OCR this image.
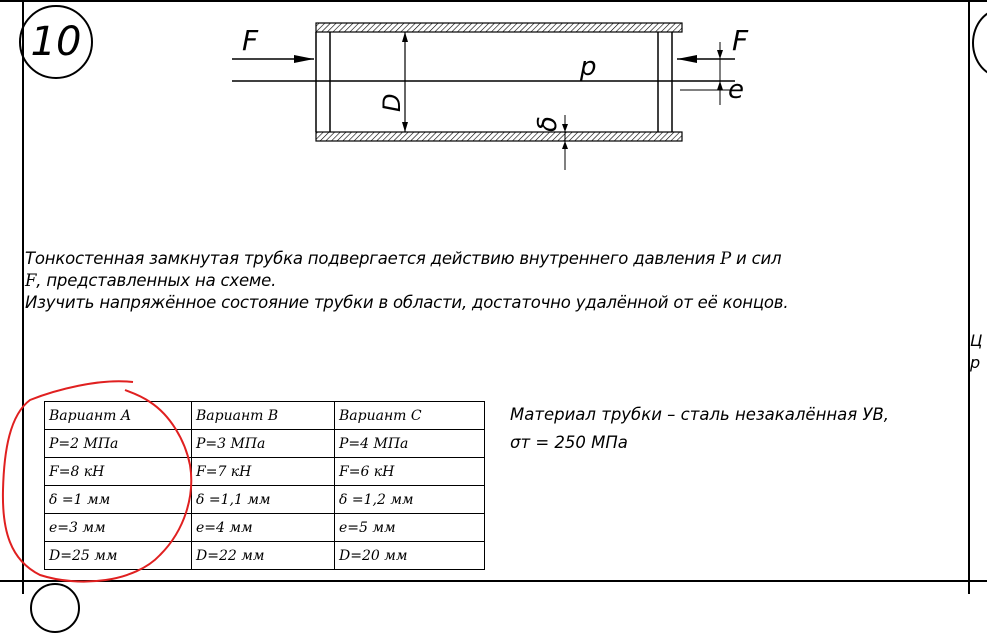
10	F	F
p
e
D
δ
Тонкостенная замкнутая трубка подвергается действию внутреннего давления P и сил
F, представленных на схеме.
Изучить напряжённое состояние трубки в области, достаточно удалённой от её концов.
Ц
р
Вариант A	Вариант B	Вариант C
P=2 МПа	P=3 МПа	P=4 МПа
F=8 кН	F=7 кН	F=6 кН
δ =1 мм	δ =1,1 мм	δ =1,2 мм
e=3 мм	e=4 мм	e=5 мм
D=25 мм	D=22 мм	D=20 мм
Материал трубки – сталь незакалённая УВ,
σт = 250 МПа
